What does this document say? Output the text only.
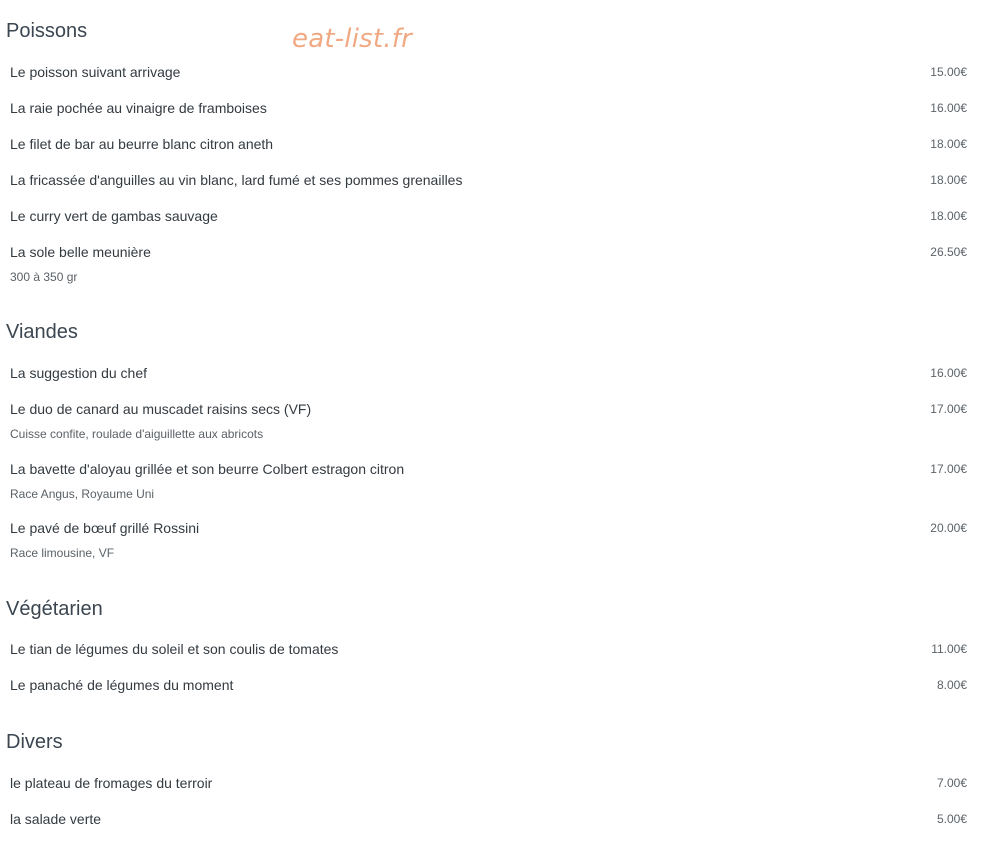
eat-list.fr
Poissons
Le poisson suivant arrivage	15.00€
La raie pochée au vinaigre de framboises	16.00€
Le filet de bar au beurre blanc citron aneth	18.00€
La fricassée d'anguilles au vin blanc, lard fumé et ses pommes grenailles	18.00€
Le curry vert de gambas sauvage	18.00€
La sole belle meunière	26.50€
300 à 350 gr
Viandes
La suggestion du chef	16.00€
Le duo de canard au muscadet raisins secs (VF)	17.00€
Cuisse confite, roulade d'aiguillette aux abricots
La bavette d'aloyau grillée et son beurre Colbert estragon citron	17.00€
Race Angus, Royaume Uni
Le pavé de bœuf grillé Rossini	20.00€
Race limousine, VF
Végétarien
Le tian de légumes du soleil et son coulis de tomates	11.00€
Le panaché de légumes du moment	8.00€
Divers
le plateau de fromages du terroir	7.00€
la salade verte	5.00€
